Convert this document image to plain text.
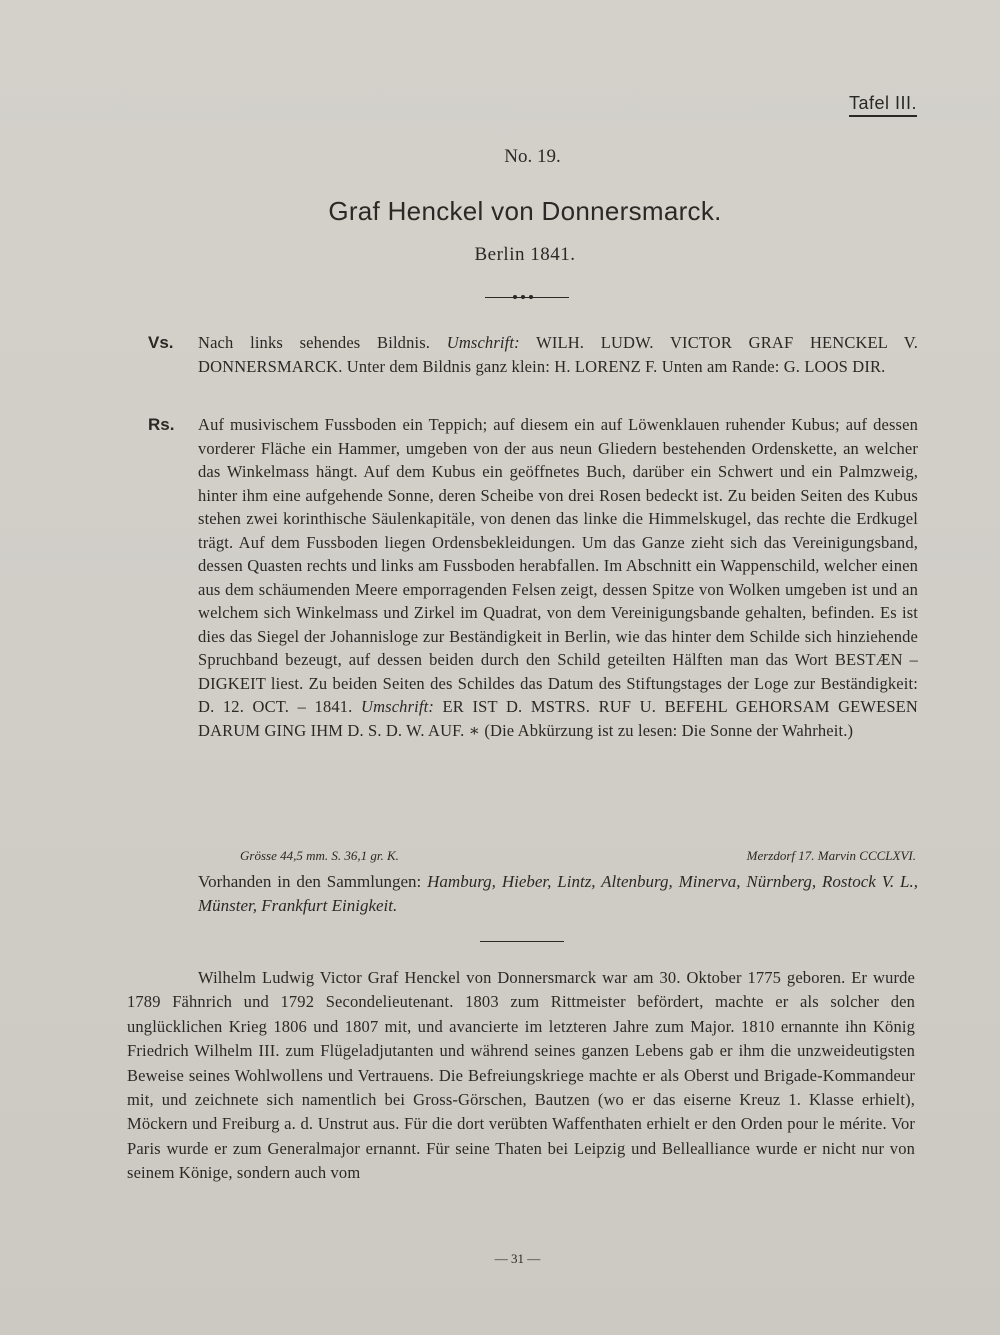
Tafel III.
No. 19.
Graf Henckel von Donnersmarck.
Berlin 1841.
Vs. Nach links sehendes Bildnis. Umschrift: WILH. LUDW. VICTOR GRAF HENCKEL V. DONNERSMARCK. Unter dem Bildnis ganz klein: H. LORENZ F. Unten am Rande: G. LOOS DIR.
Rs. Auf musivischem Fussboden ein Teppich; auf diesem ein auf Löwenklauen ruhender Kubus; auf dessen vorderer Fläche ein Hammer, umgeben von der aus neun Gliedern bestehenden Ordenskette, an welcher das Winkelmass hängt. Auf dem Kubus ein geöffnetes Buch, darüber ein Schwert und ein Palmzweig, hinter ihm eine aufgehende Sonne, deren Scheibe von drei Rosen bedeckt ist. Zu beiden Seiten des Kubus stehen zwei korinthische Säulenkapitäle, von denen das linke die Himmelskugel, das rechte die Erdkugel trägt. Auf dem Fussboden liegen Ordensbekleidungen. Um das Ganze zieht sich das Vereinigungsband, dessen Quasten rechts und links am Fussboden herabfallen. Im Abschnitt ein Wappenschild, welcher einen aus dem schäumenden Meere emporragenden Felsen zeigt, dessen Spitze von Wolken umgeben ist und an welchem sich Winkelmass und Zirkel im Quadrat, von dem Vereinigungsbande gehalten, befinden. Es ist dies das Siegel der Johannisloge zur Beständigkeit in Berlin, wie das hinter dem Schilde sich hinziehende Spruchband bezeugt, auf dessen beiden durch den Schild geteilten Hälften man das Wort BESTÆN – DIGKEIT liest. Zu beiden Seiten des Schildes das Datum des Stiftungstages der Loge zur Beständigkeit: D. 12. OCT. – 1841. Umschrift: ER IST D. MSTRS. RUF U. BEFEHL GEHORSAM GEWESEN DARUM GING IHM D. S. D. W. AUF. ∗ (Die Abkürzung ist zu lesen: Die Sonne der Wahrheit.)
Grösse 44,5 mm. S. 36,1 gr. K.	Merzdorf 17. Marvin CCCLXVI.
Vorhanden in den Sammlungen: Hamburg, Hieber, Lintz, Altenburg, Minerva, Nürnberg, Rostock V. L., Münster, Frankfurt Einigkeit.
Wilhelm Ludwig Victor Graf Henckel von Donnersmarck war am 30. Oktober 1775 geboren. Er wurde 1789 Fähnrich und 1792 Secondelieutenant. 1803 zum Rittmeister befördert, machte er als solcher den unglücklichen Krieg 1806 und 1807 mit, und avancierte im letzteren Jahre zum Major. 1810 ernannte ihn König Friedrich Wilhelm III. zum Flügeladjutanten und während seines ganzen Lebens gab er ihm die unzweideutigsten Beweise seines Wohlwollens und Vertrauens. Die Befreiungskriege machte er als Oberst und Brigade-Kommandeur mit, und zeichnete sich namentlich bei Gross-Görschen, Bautzen (wo er das eiserne Kreuz 1. Klasse erhielt), Möckern und Freiburg a. d. Unstrut aus. Für die dort verübten Waffenthaten erhielt er den Orden pour le mérite. Vor Paris wurde er zum Generalmajor ernannt. Für seine Thaten bei Leipzig und Bellealliance wurde er nicht nur von seinem Könige, sondern auch vom
— 31 —
